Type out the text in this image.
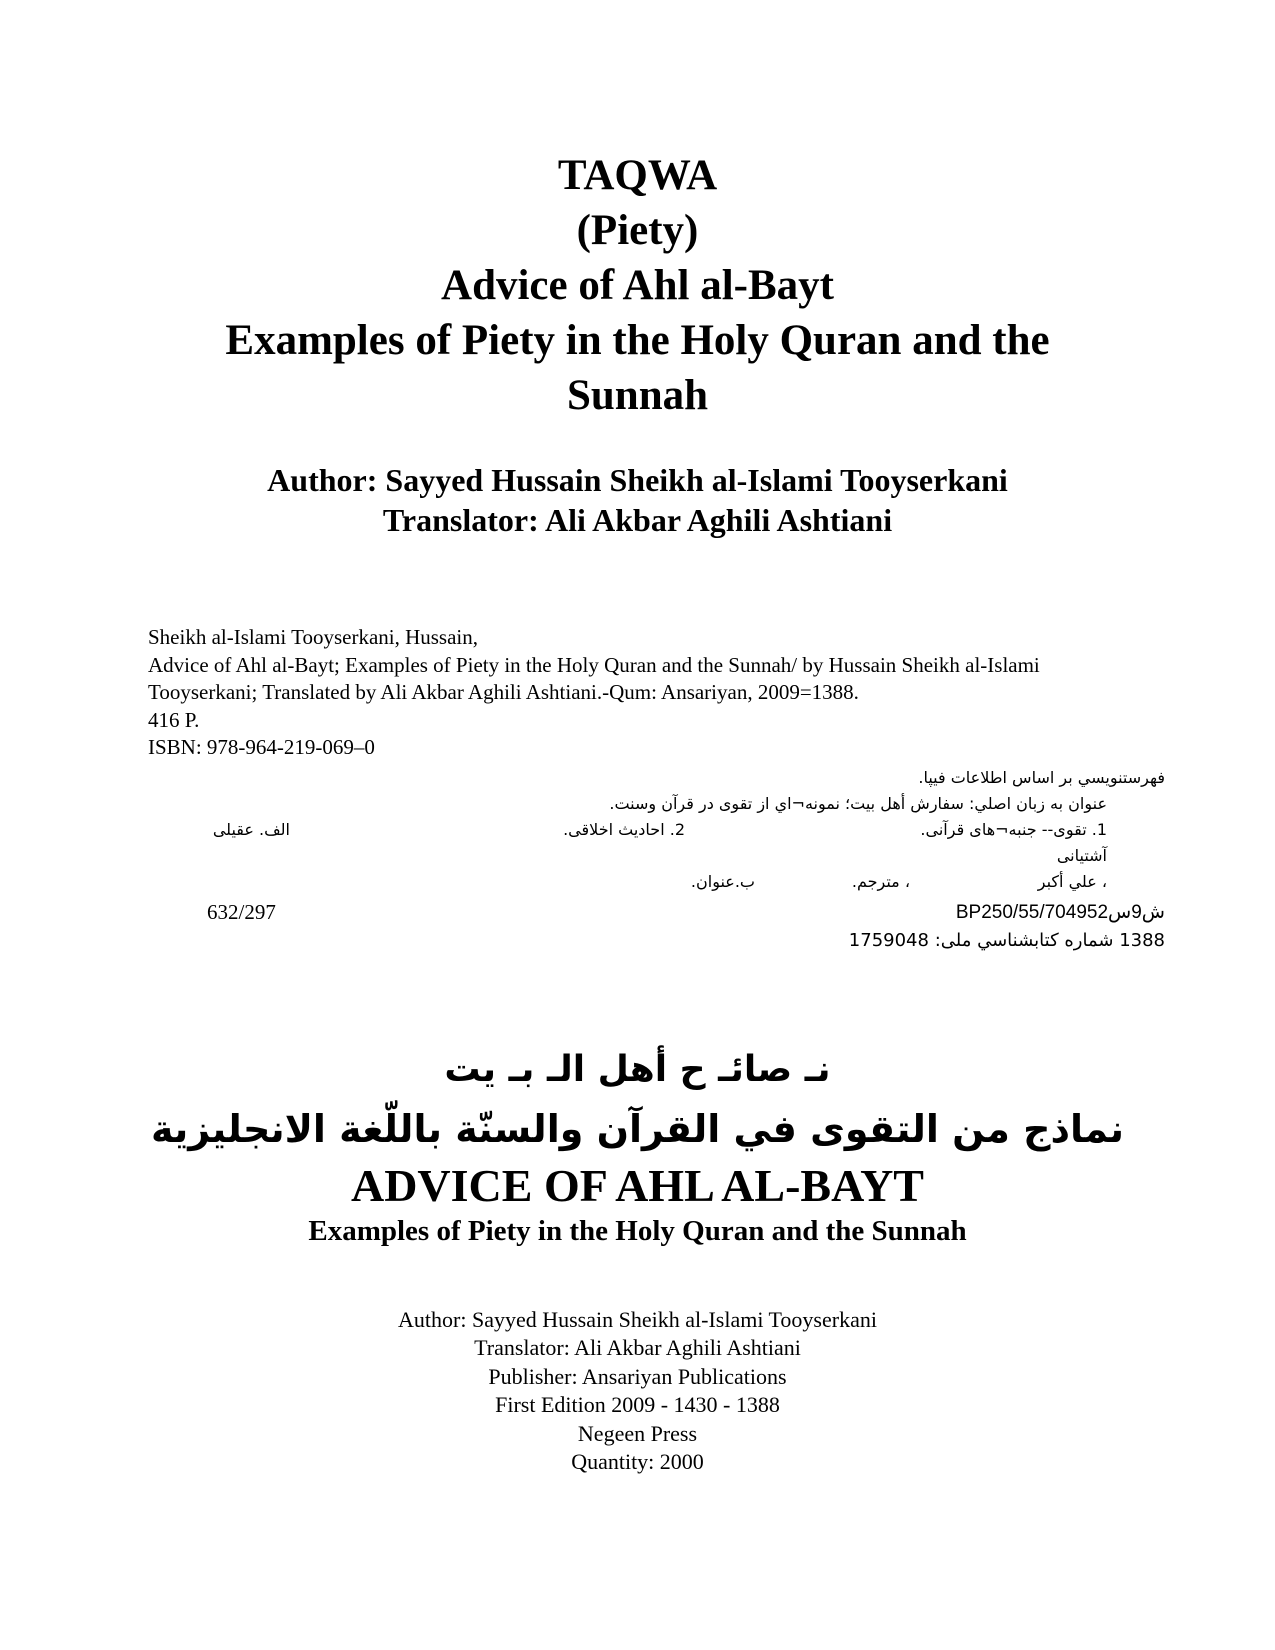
TAQWA
(Piety)
Advice of Ahl al-Bayt
Examples of Piety in the Holy Quran and the
Sunnah
Author: Sayyed Hussain Sheikh al-Islami Tooyserkani
Translator: Ali Akbar Aghili Ashtiani
Sheikh al-Islami Tooyserkani, Hussain,
Advice of Ahl al-Bayt; Examples of Piety in the Holy Quran and the Sunnah/ by Hussain Sheikh al-Islami
Tooyserkani; Translated by Ali Akbar Aghili Ashtiani.-Qum: Ansariyan, 2009=1388.
416 P.
ISBN: 978-964-219-069–0
فهرستنويسي بر اساس اطلاعات فيپا.
عنوان به زبان اصلي: سفارش أهل بيت؛ نمونه¬اي از تقوى در قرآن وسنت.
1. تقوى-- جنبه¬هاى قرآنى.
2. احاديث اخلاقى.
الف. عقيلى
آشتيانى
، علي أكبر
، مترجم.
ب.عنوان.
BP250/55/704952ش9س
632/297
1388 شماره كتابشناسي ملى: 1759048
نـ صائـ ح أهل الـ بـ يت
نماذج من التقوى في القرآن والسنّة باللّغة الانجليزية
ADVICE OF AHL AL-BAYT
Examples of Piety in the Holy Quran and the Sunnah
Author: Sayyed Hussain Sheikh al-Islami Tooyserkani
Translator: Ali Akbar Aghili Ashtiani
Publisher: Ansariyan Publications
First Edition 2009 - 1430 - 1388
Negeen Press
Quantity: 2000
